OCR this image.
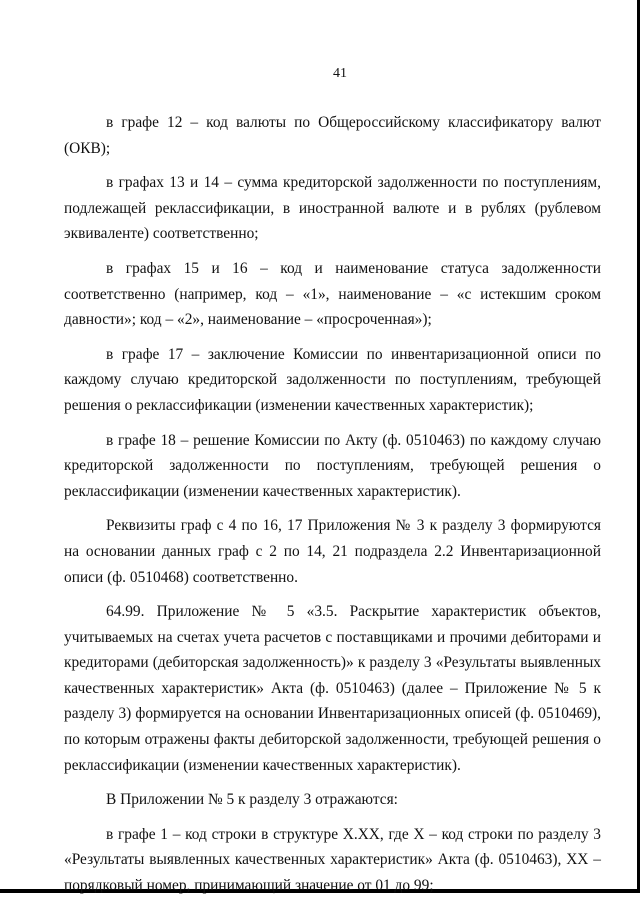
41

в графе 12 – код валюты по Общероссийскому классификатору валют (ОКВ);

в графах 13 и 14 – сумма кредиторской задолженности по поступлениям, подлежащей реклассификации, в иностранной валюте и в рублях (рублевом эквиваленте) соответственно;

в графах 15 и 16 – код и наименование статуса задолженности соответственно (например, код – «1», наименование – «с истекшим сроком давности»; код – «2», наименование – «просроченная»);

в графе 17 – заключение Комиссии по инвентаризационной описи по каждому случаю кредиторской задолженности по поступлениям, требующей решения о реклассификации (изменении качественных характеристик);

в графе 18 – решение Комиссии по Акту (ф. 0510463) по каждому случаю кредиторской задолженности по поступлениям, требующей решения о реклассификации (изменении качественных характеристик).

Реквизиты граф с 4 по 16, 17 Приложения № 3 к разделу 3 формируются на основании данных граф с 2 по 14, 21 подраздела 2.2 Инвентаризационной описи (ф. 0510468) соответственно.

64.99. Приложение № 5 «3.5. Раскрытие характеристик объектов, учитываемых на счетах учета расчетов с поставщиками и прочими дебиторами и кредиторами (дебиторская задолженность)» к разделу 3 «Результаты выявленных качественных характеристик» Акта (ф. 0510463) (далее – Приложение № 5 к разделу 3) формируется на основании Инвентаризационных описей (ф. 0510469), по которым отражены факты дебиторской задолженности, требующей решения о реклассификации (изменении качественных характеристик).

В Приложении № 5 к разделу 3 отражаются:

в графе 1 – код строки в структуре Х.ХХ, где Х – код строки по разделу 3 «Результаты выявленных качественных характеристик» Акта (ф. 0510463), ХХ – порядковый номер, принимающий значение от 01 до 99;
